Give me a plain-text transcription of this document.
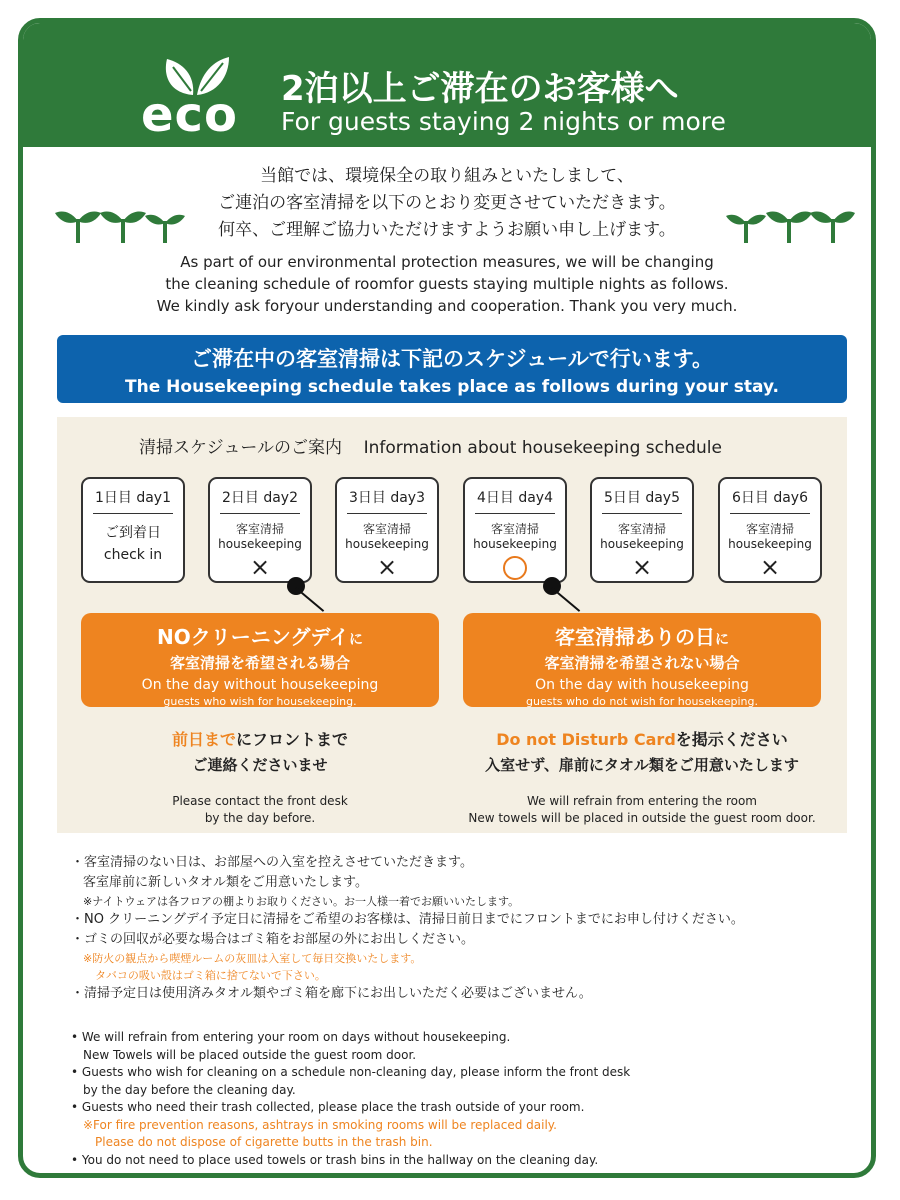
eco 2泊以上ご滞在のお客様へ
For guests staying 2 nights or more
当館では、環境保全の取り組みといたしまして、
ご連泊の客室清掃を以下のとおり変更させていただきます。
何卒、ご理解ご協力いただけますようお願い申し上げます。
As part of our environmental protection measures, we will be changing
the cleaning schedule of roomfor guests staying multiple nights as follows.
We kindly ask foryour understanding and cooperation. Thank you very much.
ご滞在中の客室清掃は下記のスケジュールで行います。
The Housekeeping schedule takes place as follows during your stay.
清掃スケジュールのご案内 Information about housekeeping schedule
1日目 day1
ご到着日
check in
2日目 day2
客室清掃
housekeeping
×
3日目 day3
客室清掃
housekeeping
×
4日目 day4
客室清掃
housekeeping
5日目 day5
客室清掃
housekeeping
×
6日目 day6
客室清掃
housekeeping
×
NOクリーニングデイに
客室清掃を希望される場合
On the day without housekeeping
guests who wish for housekeeping.
客室清掃ありの日に
客室清掃を希望されない場合
On the day with housekeeping
guests who do not wish for housekeeping.
前日までにフロントまで
ご連絡くださいませ
Please contact the front desk
by the day before.
Do not Disturb Cardを掲示ください
入室せず、扉前にタオル類をご用意いたします
We will refrain from entering the room
New towels will be placed in outside the guest room door.
・客室清掃のない日は、お部屋への入室を控えさせていただきます。
客室扉前に新しいタオル類をご用意いたします。
※ナイトウェアは各フロアの棚よりお取りください。お一人様一着でお願いいたします。
・NO クリーニングデイ予定日に清掃をご希望のお客様は、清掃日前日までにフロントまでにお申し付けください。
・ゴミの回収が必要な場合はゴミ箱をお部屋の外にお出しください。
※防火の観点から喫煙ルームの灰皿は入室して毎日交換いたします。
タバコの吸い殻はゴミ箱に捨てないで下さい。
・清掃予定日は使用済みタオル類やゴミ箱を廊下にお出しいただく必要はございません。
• We will refrain from entering your room on days without housekeeping.
New Towels will be placed outside the guest room door.
• Guests who wish for cleaning on a schedule non-cleaning day, please inform the front desk
by the day before the cleaning day.
• Guests who need their trash collected, please place the trash outside of your room.
※For fire prevention reasons, ashtrays in smoking rooms will be replaced daily.
Please do not dispose of cigarette butts in the trash bin.
• You do not need to place used towels or trash bins in the hallway on the cleaning day.
